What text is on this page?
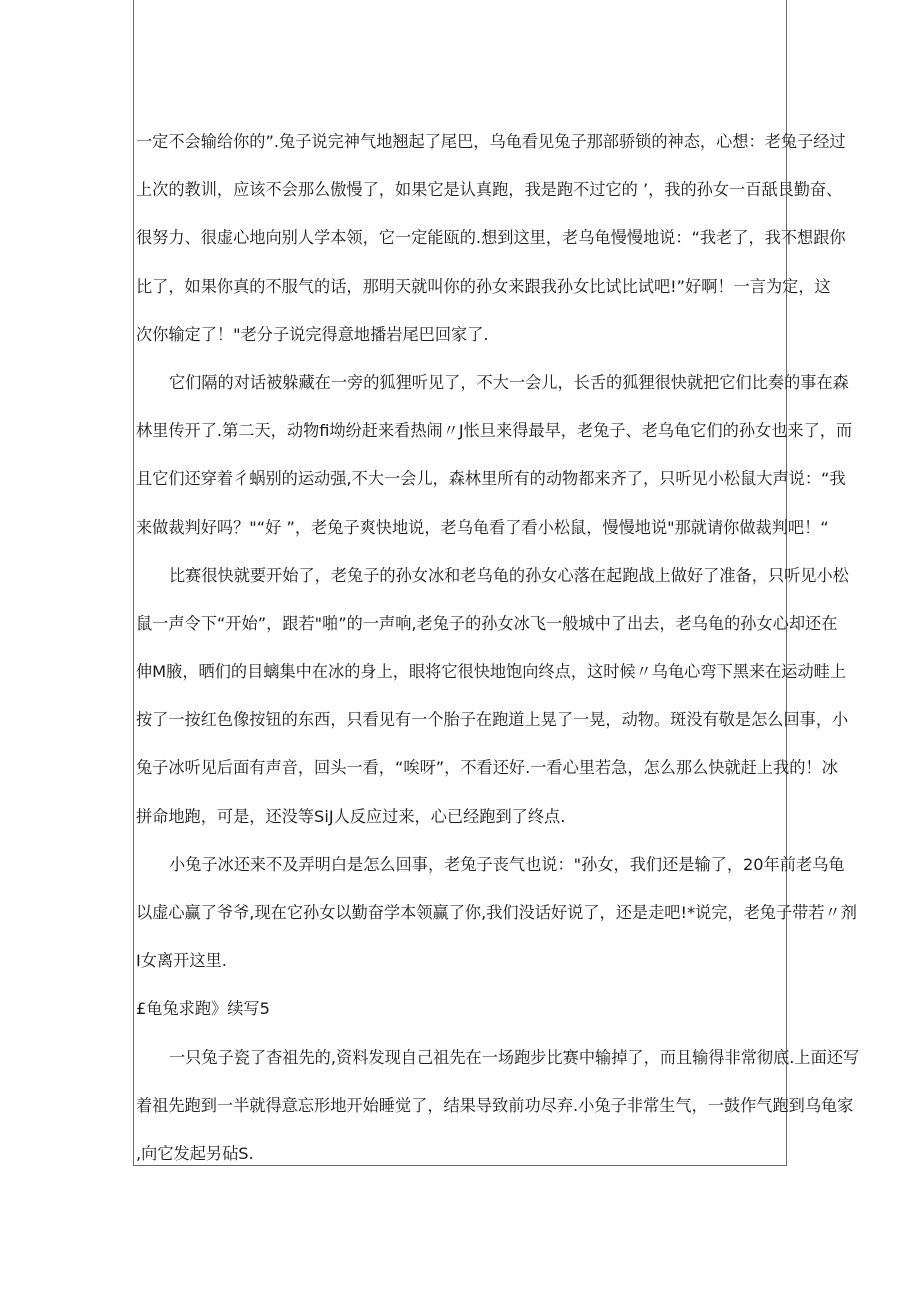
一定不会输给你的”.兔子说完神气地翘起了尾巴，乌龟看见兔子那部骄锁的神态，心想：老兔子经过
上次的教训，应该不会那么傲慢了，如果它是认真跑，我是跑不过它的 ’，我的孙女一百舐艮勤奋、
很努力、很虚心地向别人学本领，它一定能瓯的.想到这里，老乌龟慢慢地说：“我老了，我不想跟你
比了，如果你真的不服气的话，那明天就叫你的孙女来跟我孙女比试比试吧!”好啊！一言为定，这
次你输定了！"老分子说完得意地播岩尾巴回家了.
它们隔的对话被躲藏在一旁的狐狸听见了，不大一会儿，长舌的狐狸很快就把它们比奏的事在森
林里传开了.第二天，动物fi坳纷赶来看热闹〃J怅旦来得最早，老兔子、老乌龟它们的孙女也来了，而
且它们还穿着彳蜗别的运动强,不大一会儿，森林里所有的动物都来齐了，只听见小松鼠大声说：“我
来做裁判好吗？"“好 ”，老兔子爽快地说，老乌龟看了看小松鼠，慢慢地说"那就请你做裁判吧！“
比赛很快就要开始了，老兔子的孙女冰和老乌龟的孙女心落在起跑战上做好了准备，只听见小松
鼠一声令下“开始”，跟若"啪”的一声响,老兔子的孙女冰飞一般城中了出去，老乌龟的孙女心却还在
伸M腋，晒们的目螭集中在冰的身上，眼将它很快地饱向终点，这时候〃乌龟心弯下黑来在运动畦上
按了一按红色像按钮的东西，只看见有一个胎子在跑道上晃了一晃，动物。斑没有敬是怎么回事，小
兔子冰听见后面有声音，回头一看，“唉呀”，不看还好.一看心里若急，怎么那么快就赶上我的！冰
拼命地跑，可是，还没等SiJ人反应过来，心已经跑到了终点.
小兔子冰还来不及弄明白是怎么回事，老兔子丧气也说："孙女，我们还是输了，20年前老乌龟
以虚心赢了爷爷,现在它孙女以勤奋学本领赢了你,我们没话好说了，还是走吧!*说完，老兔子带若〃剂
I女离开这里.
£龟兔求跑》续写5
一只兔子瓷了杳祖先的,资料发现自己祖先在一场跑步比赛中输掉了，而且输得非常彻底.上面还写
着祖先跑到一半就得意忘形地开始睡觉了，结果导致前功尽弃.小兔子非常生气，一鼓作气跑到乌龟家
,向它发起另砧S.
